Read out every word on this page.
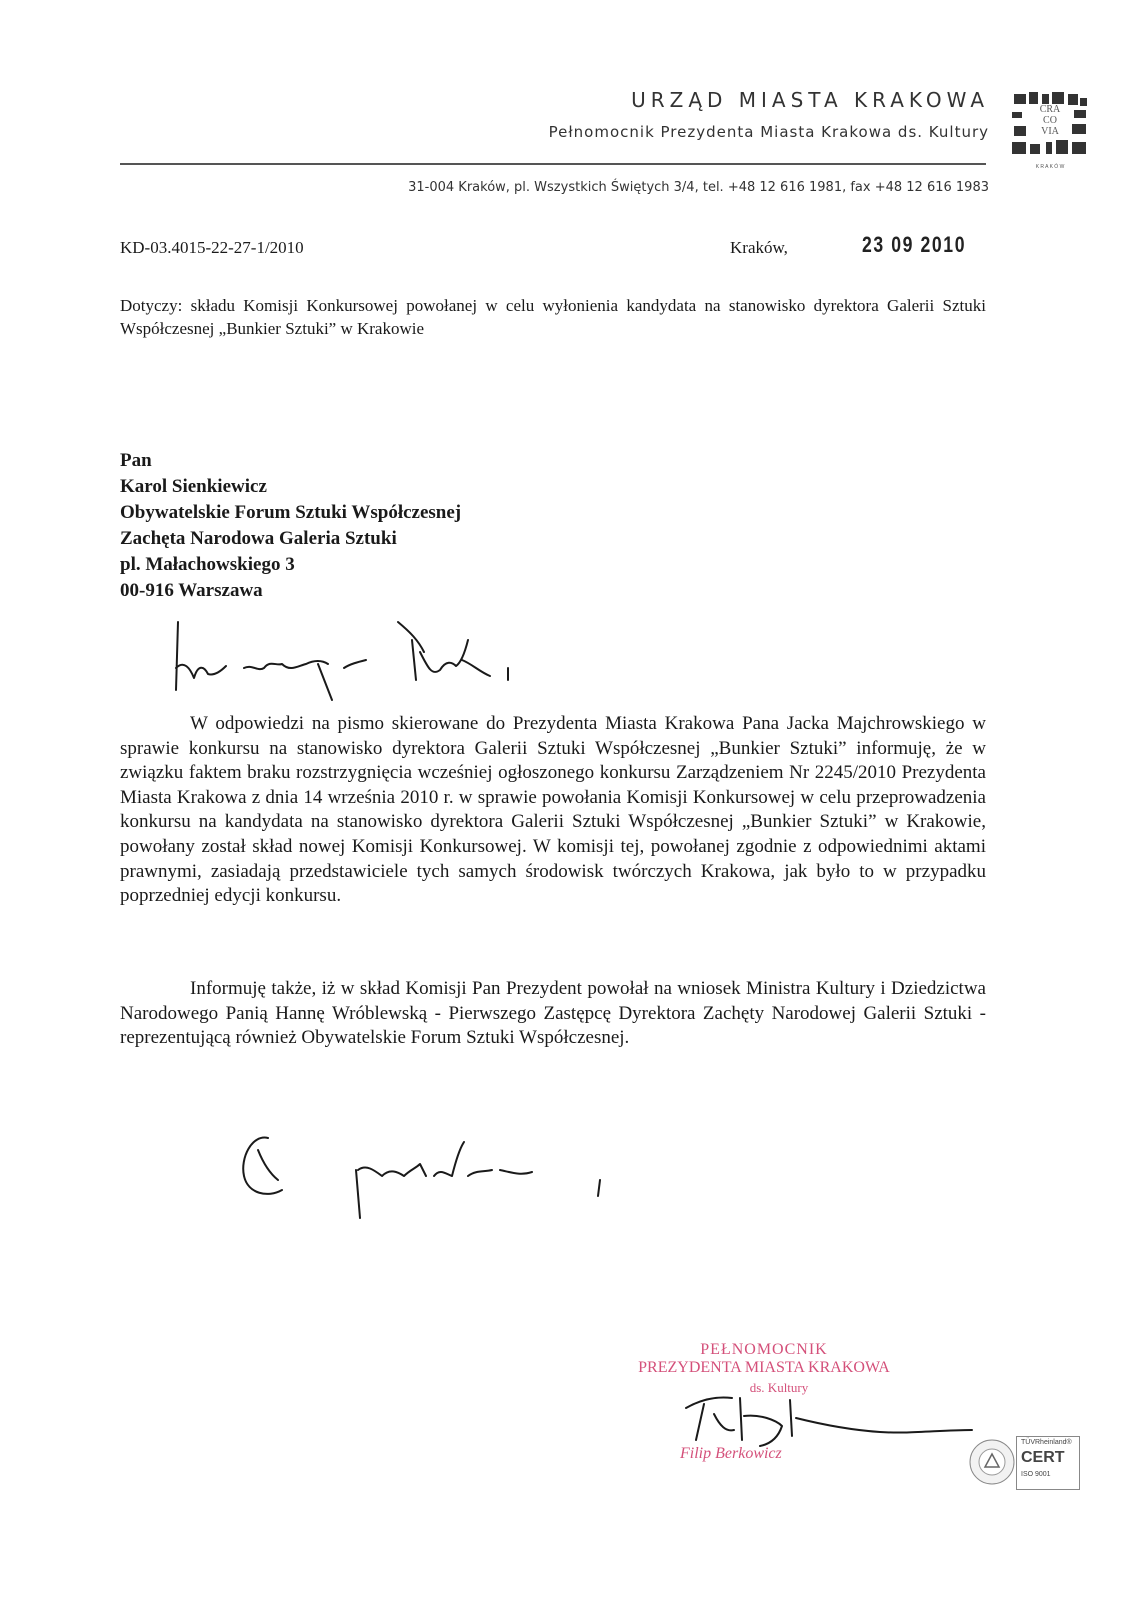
URZĄD MIASTA KRAKOWA
Pełnomocnik Prezydenta Miasta Krakowa ds. Kultury
31-004 Kraków, pl. Wszystkich Świętych 3/4, tel. +48 12 616 1981, fax +48 12 616 1983
CRA
CO
VIA
K R A K Ó W
KD-03.4015-22-27-1/2010	Kraków,	23 09 2010
Dotyczy: składu Komisji Konkursowej powołanej w celu wyłonienia kandydata na stanowisko dyrektora Galerii Sztuki Współczesnej „Bunkier Sztuki” w Krakowie
Pan
Karol Sienkiewicz
Obywatelskie Forum Sztuki Współczesnej
Zachęta Narodowa Galeria Sztuki
pl. Małachowskiego 3
00-916 Warszawa
W odpowiedzi na pismo skierowane do Prezydenta Miasta Krakowa Pana Jacka Majchrowskiego w sprawie konkursu na stanowisko dyrektora Galerii Sztuki Współczesnej „Bunkier Sztuki” informuję, że w związku faktem braku rozstrzygnięcia wcześniej ogłoszonego konkursu Zarządzeniem Nr 2245/2010 Prezydenta Miasta Krakowa z dnia 14 września 2010 r. w sprawie powołania Komisji Konkursowej w celu przeprowadzenia konkursu na kandydata na stanowisko dyrektora Galerii Sztuki Współczesnej „Bunkier Sztuki” w Krakowie, powołany został skład nowej Komisji Konkursowej. W komisji tej, powołanej zgodnie z odpowiednimi aktami prawnymi, zasiadają przedstawiciele tych samych środowisk twórczych Krakowa, jak było to w przypadku poprzedniej edycji konkursu.
Informuję także, iż w skład Komisji Pan Prezydent powołał na wniosek Ministra Kultury i Dziedzictwa Narodowego Panią Hannę Wróblewską - Pierwszego Zastępcę Dyrektora Zachęty Narodowej Galerii Sztuki - reprezentującą również Obywatelskie Forum Sztuki Współczesnej.
PEŁNOMOCNIK
PREZYDENTA MIASTA KRAKOWA
ds. Kultury
Filip Berkowicz
TÜVRheinland®
CERT
ISO 9001
